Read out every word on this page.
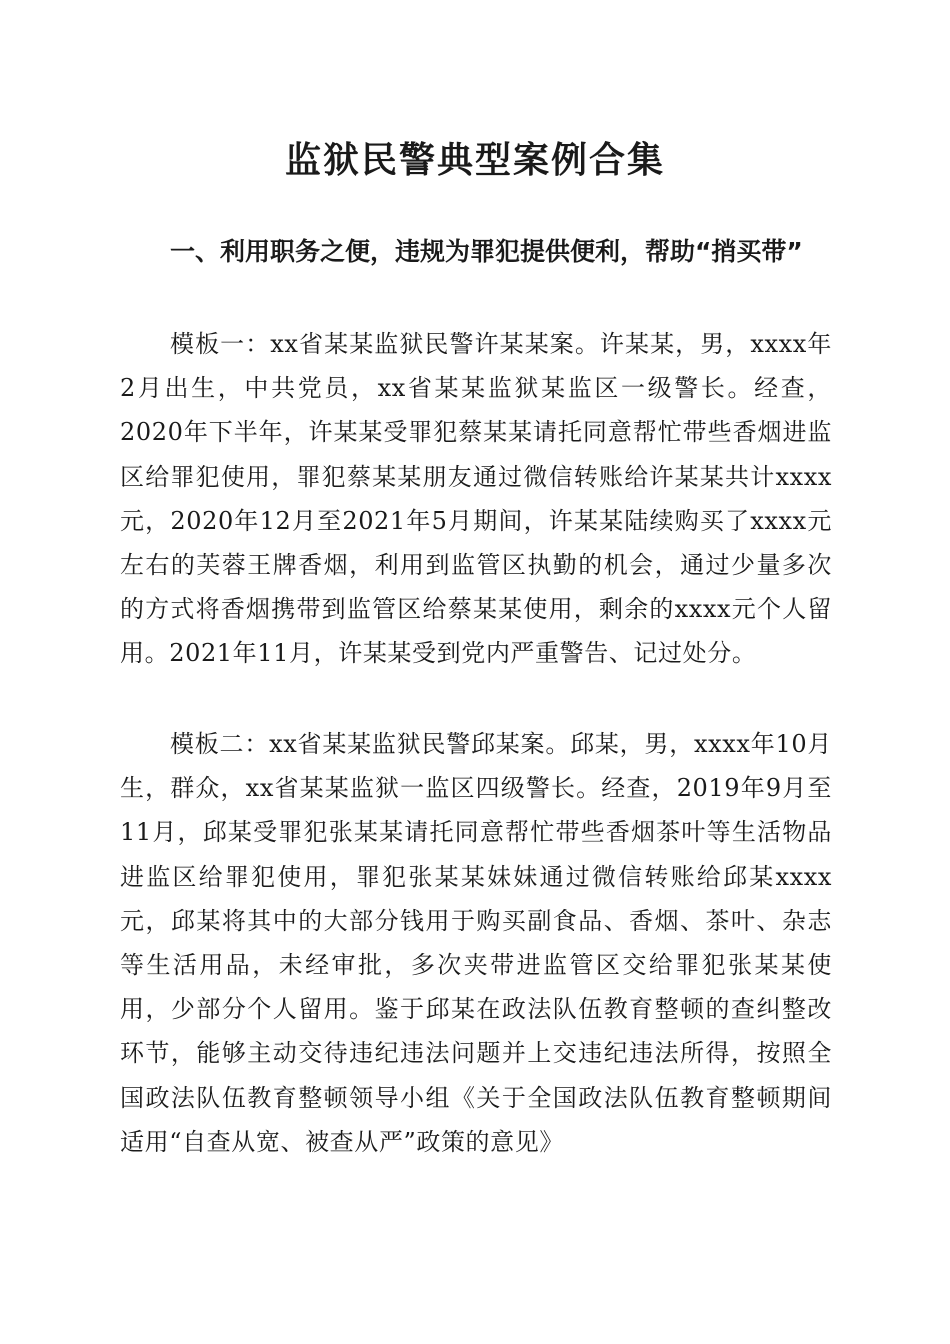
监狱民警典型案例合集
一、利用职务之便，违规为罪犯提供便利，帮助“捎买带”
模板一：xx省某某监狱民警许某某案。许某某，男，xxxx年2月出生，中共党员，xx省某某监狱某监区一级警长。经查，2020年下半年，许某某受罪犯蔡某某请托同意帮忙带些香烟进监区给罪犯使用，罪犯蔡某某朋友通过微信转账给许某某共计xxxx元，2020年12月至2021年5月期间，许某某陆续购买了xxxx元左右的芙蓉王牌香烟，利用到监管区执勤的机会，通过少量多次的方式将香烟携带到监管区给蔡某某使用，剩余的xxxx元个人留用。2021年11月，许某某受到党内严重警告、记过处分。
模板二：xx省某某监狱民警邱某案。邱某，男，xxxx年10月生，群众，xx省某某监狱一监区四级警长。经查，2019年9月至11月，邱某受罪犯张某某请托同意帮忙带些香烟茶叶等生活物品进监区给罪犯使用，罪犯张某某妹妹通过微信转账给邱某xxxx元，邱某将其中的大部分钱用于购买副食品、香烟、茶叶、杂志等生活用品，未经审批，多次夹带进监管区交给罪犯张某某使用，少部分个人留用。鉴于邱某在政法队伍教育整顿的查纠整改环节，能够主动交待违纪违法问题并上交违纪违法所得，按照全国政法队伍教育整顿领导小组《关于全国政法队伍教育整顿期间适用“自查从宽、被查从严”政策的意见》
